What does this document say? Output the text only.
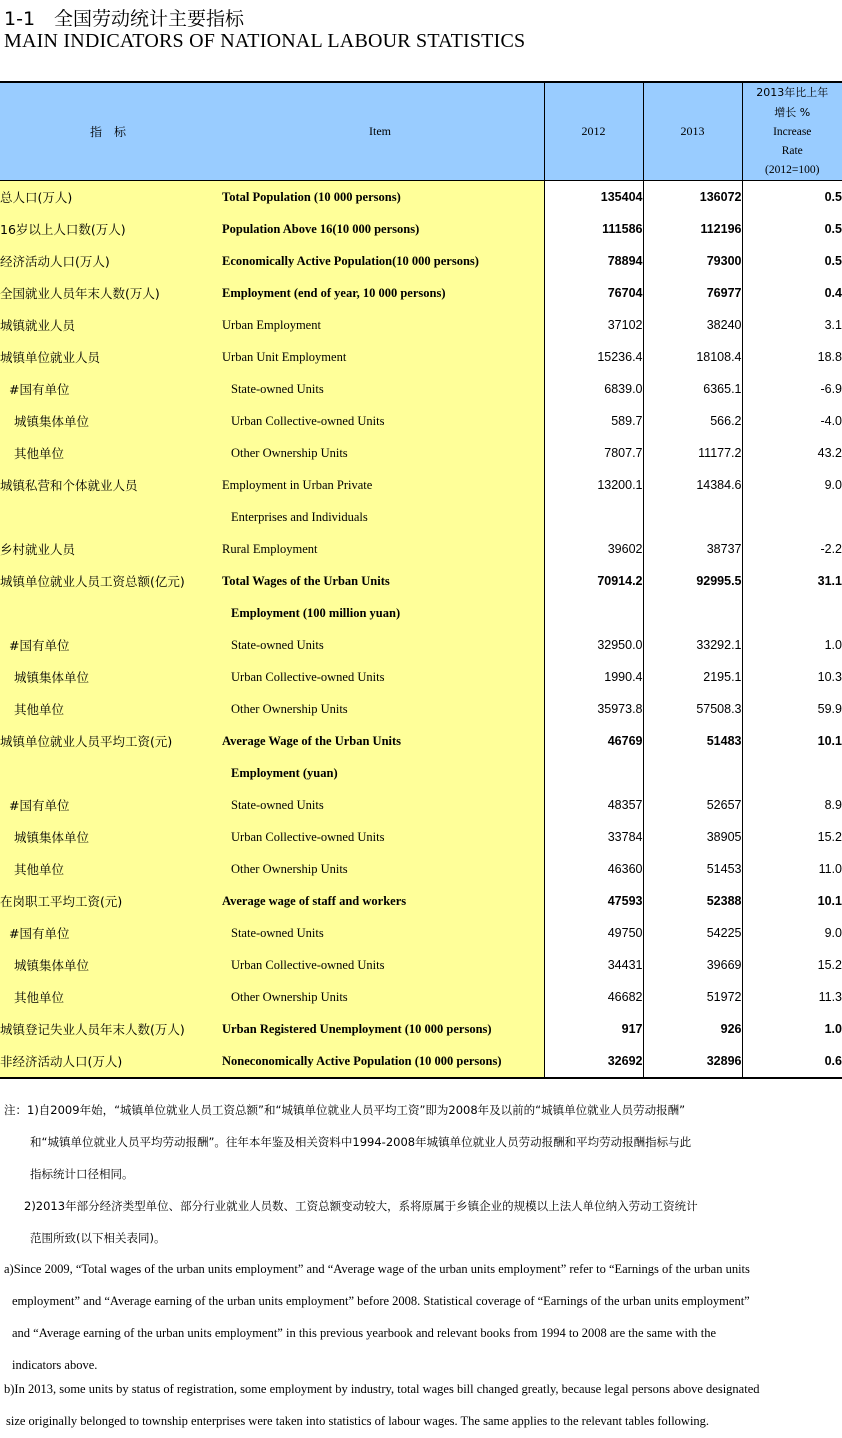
1-1　全国劳动统计主要指标
MAIN INDICATORS OF NATIONAL LABOUR STATISTICS
指　标	Item	2012	2013	2013年比上年
增长 %
Increase
Rate
(2012=100)
总人口(万人)	Total Population (10 000 persons)	135404	136072	0.5
16岁以上人口数(万人)	Population Above 16(10 000 persons)	111586	112196	0.5
经济活动人口(万人)	Economically Active Population(10 000 persons)	78894	79300	0.5
全国就业人员年末人数(万人)	Employment (end of year, 10 000 persons)	76704	76977	0.4
城镇就业人员	Urban Employment	37102	38240	3.1
城镇单位就业人员	Urban Unit Employment	15236.4	18108.4	18.8
#国有单位	State-owned Units	6839.0	6365.1	-6.9
城镇集体单位	Urban Collective-owned Units	589.7	566.2	-4.0
其他单位	Other Ownership Units	7807.7	11177.2	43.2
城镇私营和个体就业人员	Employment in Urban Private	13200.1	14384.6	9.0
	Enterprises and Individuals			
乡村就业人员	Rural Employment	39602	38737	-2.2
城镇单位就业人员工资总额(亿元)	Total Wages of the Urban Units	70914.2	92995.5	31.1
	Employment (100 million yuan)			
#国有单位	State-owned Units	32950.0	33292.1	1.0
城镇集体单位	Urban Collective-owned Units	1990.4	2195.1	10.3
其他单位	Other Ownership Units	35973.8	57508.3	59.9
城镇单位就业人员平均工资(元)	Average Wage of the Urban Units	46769	51483	10.1
	Employment (yuan)			
#国有单位	State-owned Units	48357	52657	8.9
城镇集体单位	Urban Collective-owned Units	33784	38905	15.2
其他单位	Other Ownership Units	46360	51453	11.0
在岗职工平均工资(元)	Average wage of staff and workers	47593	52388	10.1
#国有单位	State-owned Units	49750	54225	9.0
城镇集体单位	Urban Collective-owned Units	34431	39669	15.2
其他单位	Other Ownership Units	46682	51972	11.3
城镇登记失业人员年末人数(万人)	Urban Registered Unemployment (10 000 persons)	917	926	1.0
非经济活动人口(万人)	Noneconomically Active Population (10 000 persons)	32692	32896	0.6
注：1)自2009年始，“城镇单位就业人员工资总额”和“城镇单位就业人员平均工资”即为2008年及以前的“城镇单位就业人员劳动报酬”
和“城镇单位就业人员平均劳动报酬”。往年本年鉴及相关资料中1994-2008年城镇单位就业人员劳动报酬和平均劳动报酬指标与此
指标统计口径相同。
2)2013年部分经济类型单位、部分行业就业人员数、工资总额变动较大，系将原属于乡镇企业的规模以上法人单位纳入劳动工资统计
范围所致(以下相关表同)。
a)Since 2009, “Total wages of the urban units employment” and “Average wage of the urban units employment” refer to “Earnings of the urban units
employment” and “Average earning of the urban units employment” before 2008. Statistical coverage of “Earnings of the urban units employment”
and “Average earning of the urban units employment” in this previous yearbook and relevant books from 1994 to 2008 are the same with the
indicators above.
b)In 2013, some units by status of registration, some employment by industry, total wages bill changed greatly, because legal persons above designated
size originally belonged to township enterprises were taken into statistics of labour wages. The same applies to the relevant tables following.
